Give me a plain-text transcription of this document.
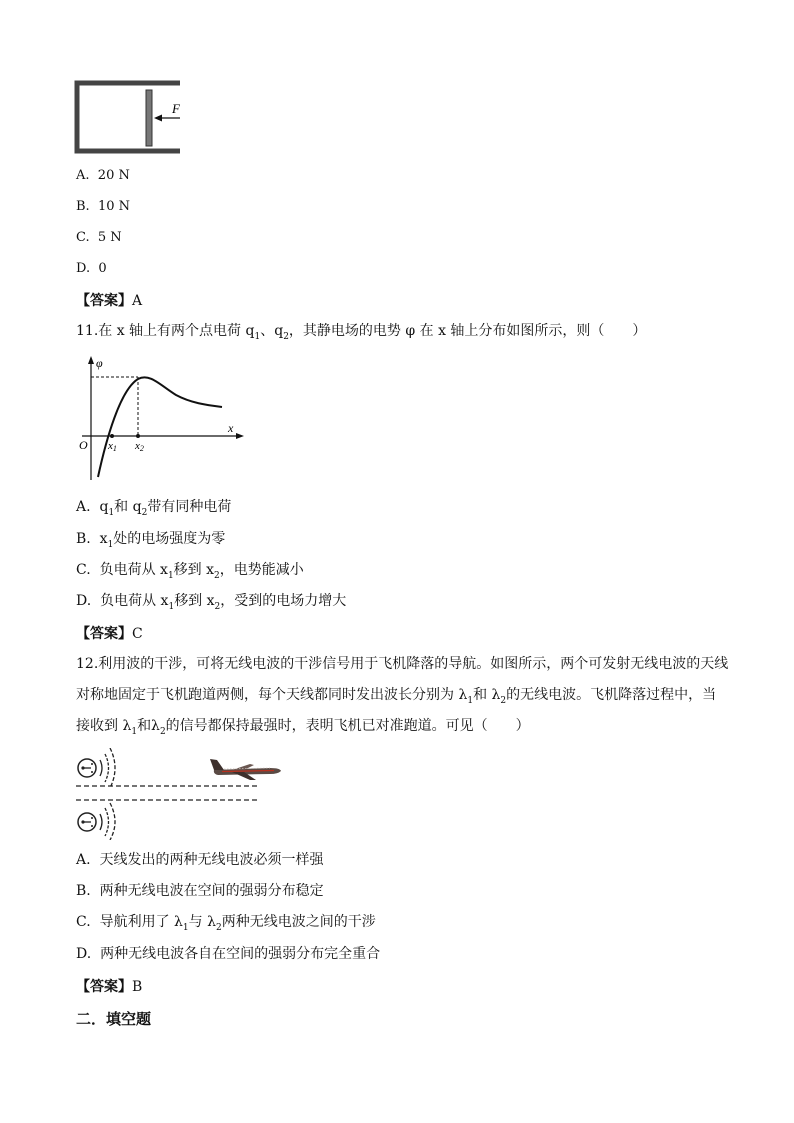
F
A. 20 N
B. 10 N
C. 5 N
D. 0
【答案】A
11.在 x 轴上有两个点电荷 $q_1$、$q_2$，其静电场的电势 φ 在 x 轴上分布如图所示，则（　　）
φ
x
O x1 x2
A. $q_1$和 $q_2$带有同种电荷
B. $x_1$处的电场强度为零
C. 负电荷从 $x_1$移到 $x_2$，电势能减小
D. 负电荷从 $x_1$移到 $x_2$，受到的电场力增大
【答案】C
12.利用波的干涉，可将无线电波的干涉信号用于飞机降落的导航。如图所示，两个可发射无线电波的天线
对称地固定于飞机跑道两侧，每个天线都同时发出波长分别为 $\lambda_1$和 $\lambda_2$的无线电波。飞机降落过程中，当
接收到 $\lambda_1$和$\lambda_2$的信号都保持最强时，表明飞机已对准跑道。可见（　　）
A. 天线发出的两种无线电波必须一样强
B. 两种无线电波在空间的强弱分布稳定
C. 导航利用了 $\lambda_1$与 $\lambda_2$两种无线电波之间的干涉
D. 两种无线电波各自在空间的强弱分布完全重合
【答案】B
二．填空题
